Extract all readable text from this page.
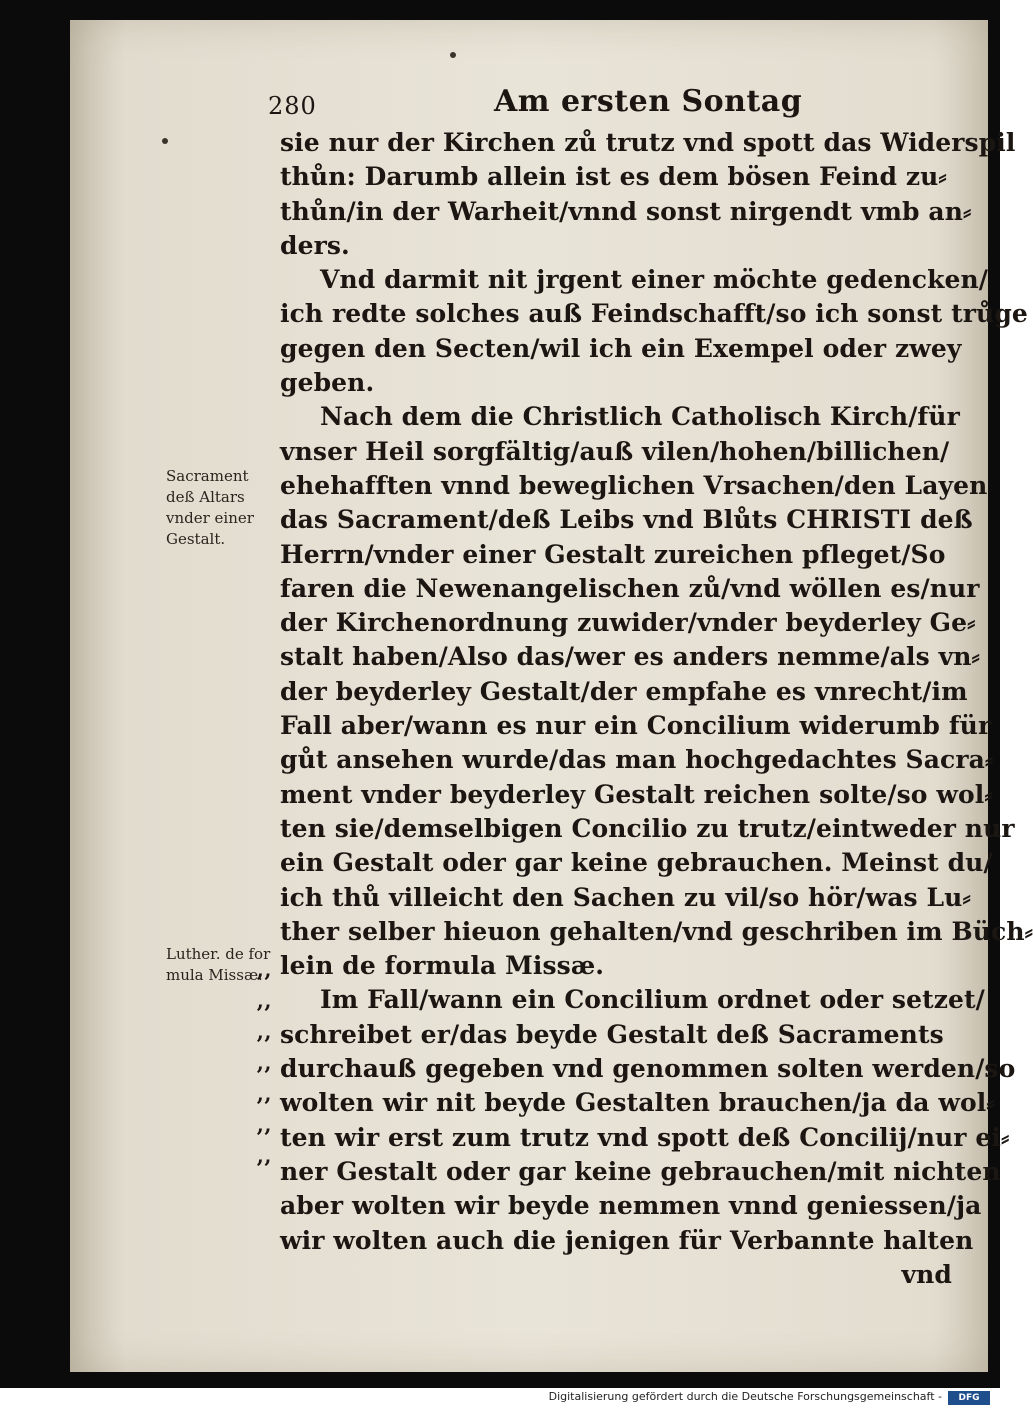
280	Am ersten Sontag
sie nur der Kirchen zů trutz vnd spott das Widerspil
thůn: Darumb allein ist es dem bösen Feind zu⸗
thůn/in der Warheit/vnnd sonst nirgendt vmb an⸗
ders.
Vnd darmit nit jrgent einer möchte gedencken/
ich redte solches auß Feindschafft/so ich sonst trůge
gegen den Secten/wil ich ein Exempel oder zwey
geben.
Nach dem die Christlich Catholisch Kirch/für
vnser Heil sorgfältig/auß vilen/hohen/billichen/
ehehafften vnnd beweglichen Vrsachen/den Layen
das Sacrament/deß Leibs vnd Blůts CHRISTI deß
Herrn/vnder einer Gestalt zureichen pfleget/So
faren die Newenangelischen zů/vnd wöllen es/nur
der Kirchenordnung zuwider/vnder beyderley Ge⸗
stalt haben/Also das/wer es anders nemme/als vn⸗
der beyderley Gestalt/der empfahe es vnrecht/im
Fall aber/wann es nur ein Concilium widerumb für
gůt ansehen wurde/das man hochgedachtes Sacra⸗
ment vnder beyderley Gestalt reichen solte/so wol⸗
ten sie/demselbigen Concilio zu trutz/eintweder nur
ein Gestalt oder gar keine gebrauchen. Meinst du/
ich thů villeicht den Sachen zu vil/so hör/was Lu⸗
ther selber hieuon gehalten/vnd geschriben im Büch⸗
lein de formula Missæ.
Im Fall/wann ein Concilium ordnet oder setzet/
schreibet er/das beyde Gestalt deß Sacraments
durchauß gegeben vnd genommen solten werden/so
wolten wir nit beyde Gestalten brauchen/ja da wol⸗
ten wir erst zum trutz vnd spott deß Concilij/nur ei⸗
ner Gestalt oder gar keine gebrauchen/mit nichten
aber wolten wir beyde nemmen vnnd geniessen/ja
wir wolten auch die jenigen für Verbannte halten
vnd
Sacrament
deß Altars
vnder einer
Gestalt.
Luther. de for
mula Missæ.
’’
’’
’’
’’
’’
’’
’’
Digitalisierung gefördert durch die Deutsche Forschungsgemeinschaft -	DFG
